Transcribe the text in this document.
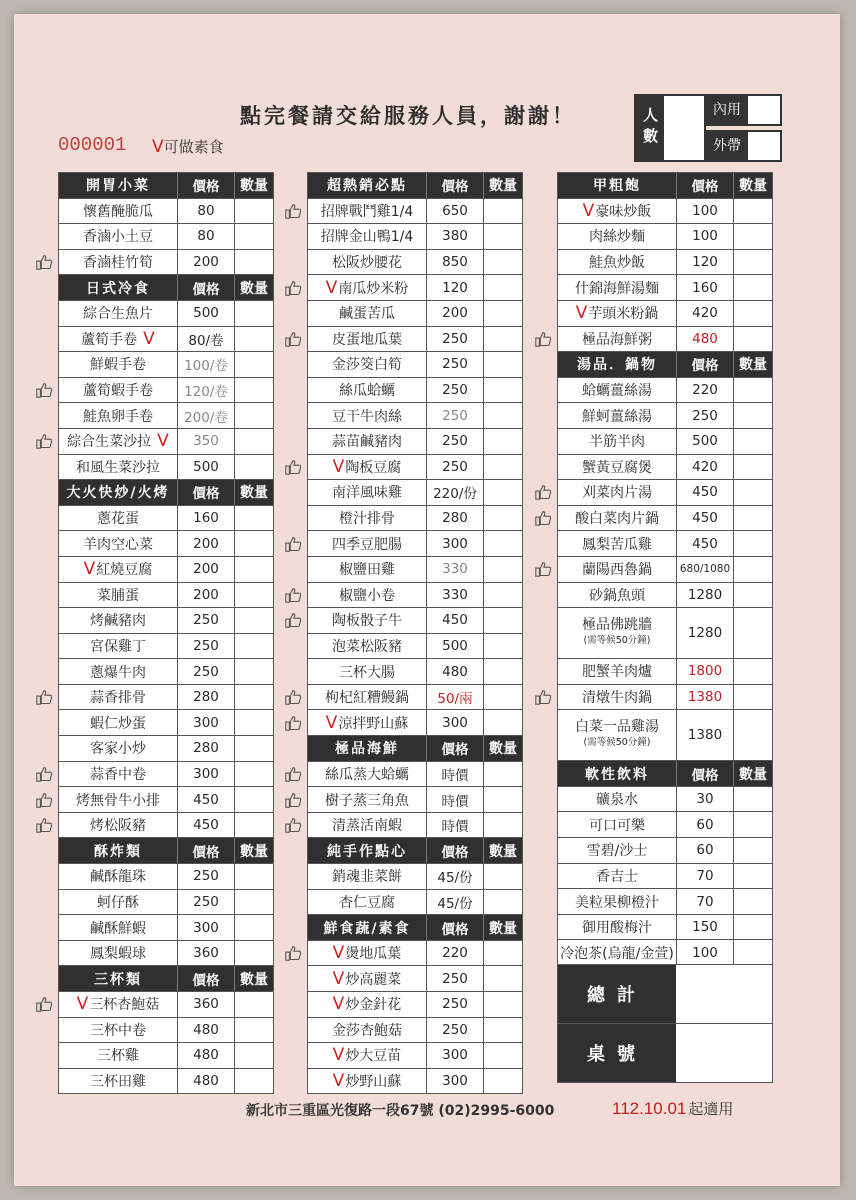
點完餐請交給服務人員，謝謝！
000001 V可做素食	人數	內用
外帶
開胃小菜	價格	數量
懷舊醃脆瓜	80
香滷小土豆	80
香滷桂竹筍	200
日式冷食	價格	數量
綜合生魚片	500
蘆筍手卷 V	80/卷
鮮蝦手卷	100/卷
蘆筍蝦手卷	120/卷
鮭魚卵手卷	200/卷
綜合生菜沙拉 V	350
和風生菜沙拉	500
大火快炒/火烤	價格	數量
蔥花蛋	160
羊肉空心菜	200
V 紅燒豆腐	200
菜脯蛋	200
烤鹹豬肉	250
宮保雞丁	250
蔥爆牛肉	250
蒜香排骨	280
蝦仁炒蛋	300
客家小炒	280
蒜香中卷	300
烤無骨牛小排	450
烤松阪豬	450
酥炸類	價格	數量
鹹酥龍珠	250
蚵仔酥	250
鹹酥鮮蝦	300
鳳梨蝦球	360
三杯類	價格	數量
V 三杯杏鮑菇	360
三杯中卷	480
三杯雞	480
三杯田雞	480
超熱銷必點	價格	數量
招牌戰鬥雞1/4	650
招牌金山鴨1/4	380
松阪炒腰花	850
V 南瓜炒米粉	120
鹹蛋苦瓜	200
皮蛋地瓜葉	250
金莎筊白筍	250
絲瓜蛤蠣	250
豆干牛肉絲	250
蒜苗鹹豬肉	250
V 陶板豆腐	250
南洋風味雞	220/份
橙汁排骨	280
四季豆肥腸	300
椒鹽田雞	330
椒鹽小卷	330
陶板骰子牛	450
泡菜松阪豬	500
三杯大腸	480
枸杞紅糟鰻鍋	50/兩
V 涼拌野山蘇	300
極品海鮮	價格	數量
絲瓜蒸大蛤蠣	時價
樹子蒸三角魚	時價
清蒸活南蝦	時價
純手作點心	價格	數量
銷魂韭菜餅	45/份
杏仁豆腐	45/份
鮮食蔬/素食	價格	數量
V 燙地瓜葉	220
V 炒高麗菜	250
V 炒金針花	250
金莎杏鮑菇	250
V 炒大豆苗	300
V 炒野山蘇	300
甲粗飽	價格	數量
V 豪味炒飯	100
肉絲炒麵	100
鮭魚炒飯	120
什錦海鮮湯麵	160
V 芋頭米粉鍋	420
極品海鮮粥	480
湯品．鍋物	價格	數量
蛤蠣薑絲湯	220
鮮蚵薑絲湯	250
半筋半肉	500
蟹黃豆腐煲	420
刈菜肉片湯	450
酸白菜肉片鍋	450
鳳梨苦瓜雞	450
蘭陽西魯鍋	680/1080
砂鍋魚頭	1280
極品佛跳牆
(需等候50分鐘)	1280
肥蟹羊肉爐	1800
清燉牛肉鍋	1380
白菜一品雞湯
(需等候50分鐘)	1380
軟性飲料	價格	數量
礦泉水	30
可口可樂	60
雪碧/沙士	60
香吉士	70
美粒果柳橙汁	70
御用酸梅汁	150
冷泡茶(烏龍/金萱)	100
總計
桌號
新北市三重區光復路一段67號 (02)2995-6000	112.10.01 起適用
